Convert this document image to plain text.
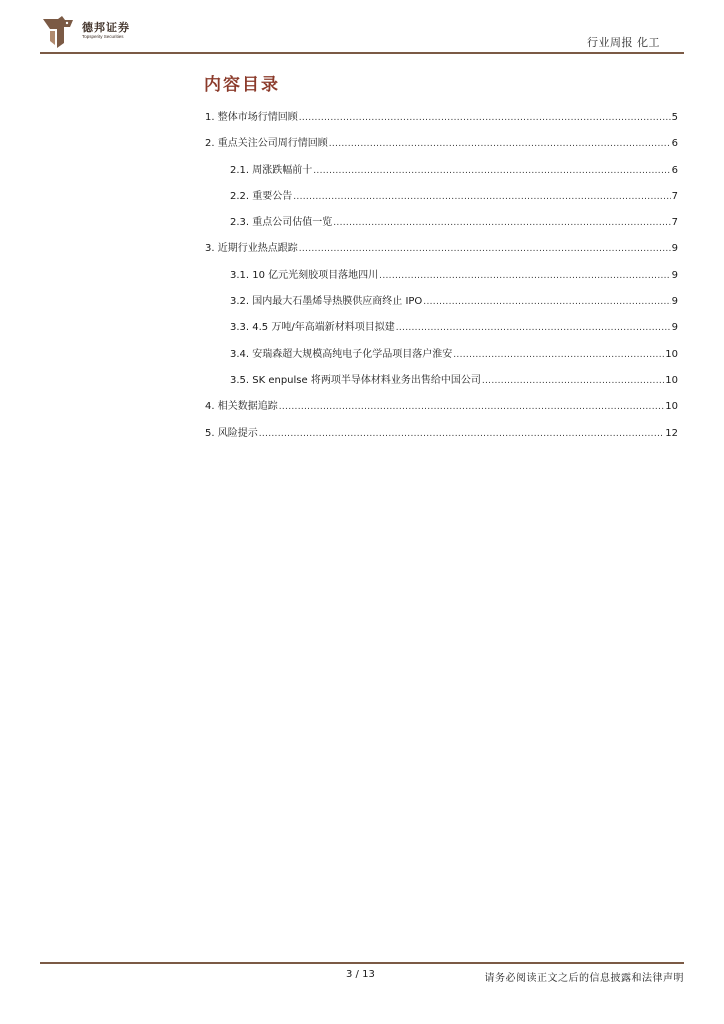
德邦证券
Topsperity Securities	行业周报 化工
内容目录
1. 整体市场行情回顾 .....	5
2. 重点关注公司周行情回顾 .....	6
2.1. 周涨跌幅前十 .....	6
2.2. 重要公告 .....	7
2.3. 重点公司估值一览 .....	7
3. 近期行业热点跟踪 .....	9
3.1. 10 亿元光刻胶项目落地四川 .....	9
3.2. 国内最大石墨烯导热膜供应商终止 IPO .....	9
3.3. 4.5 万吨/年高端新材料项目拟建 .....	9
3.4. 安瑞森超大规模高纯电子化学品项目落户淮安 .....	10
3.5. SK enpulse 将两项半导体材料业务出售给中国公司 .....	10
4. 相关数据追踪 .....	10
5. 风险提示 .....	12
3 / 13	请务必阅读正文之后的信息披露和法律声明
